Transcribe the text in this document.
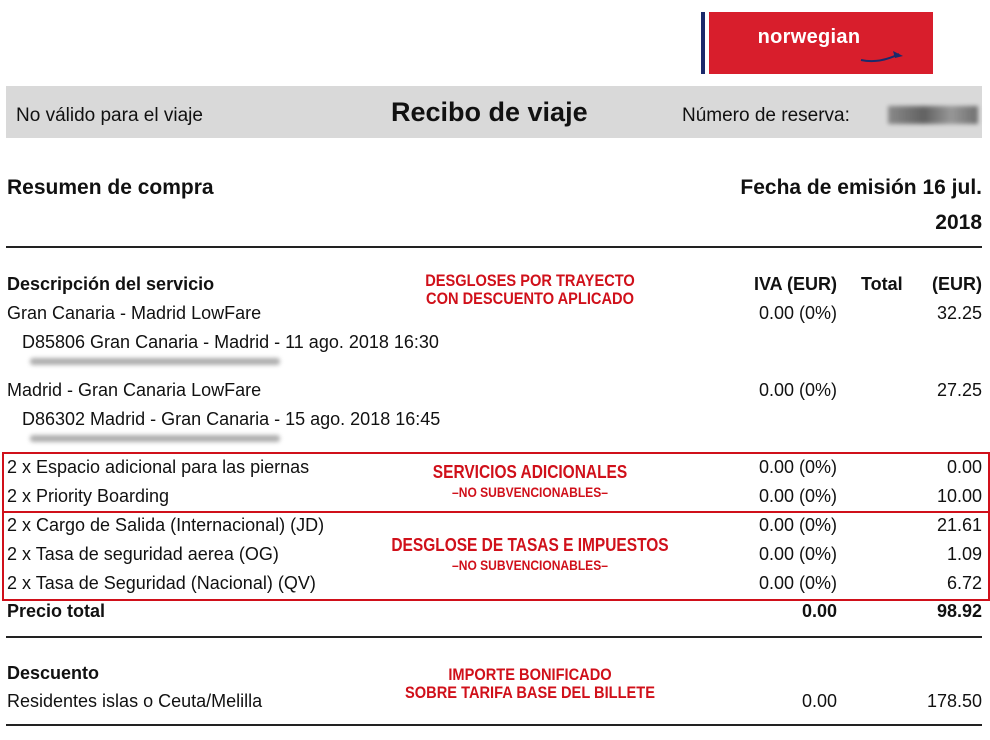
norwegian
No válido para el viaje	Recibo de viaje	Número de reserva:
Resumen de compra	Fecha de emisión 16 jul.
2018
Descripción del servicio	IVA (EUR) Total (EUR)
Gran Canaria - Madrid LowFare	0.00 (0%)	32.25
D85806 Gran Canaria - Madrid - 11 ago. 2018 16:30
Madrid - Gran Canaria LowFare	0.00 (0%)	27.25
D86302 Madrid - Gran Canaria - 15 ago. 2018 16:45
2 x Espacio adicional para las piernas	0.00 (0%)	0.00
2 x Priority Boarding	0.00 (0%)	10.00
2 x Cargo de Salida (Internacional) (JD)	0.00 (0%)	21.61
2 x Tasa de seguridad aerea (OG)	0.00 (0%)	1.09
2 x Tasa de Seguridad (Nacional) (QV)	0.00 (0%)	6.72
Precio total	0.00	98.92
Descuento
Residentes islas o Ceuta/Melilla	0.00	178.50
DESGLOSES POR TRAYECTO
CON DESCUENTO APLICADO
SERVICIOS ADICIONALES
–NO SUBVENCIONABLES–
DESGLOSE DE TASAS E IMPUESTOS
–NO SUBVENCIONABLES–
IMPORTE BONIFICADO
SOBRE TARIFA BASE DEL BILLETE
